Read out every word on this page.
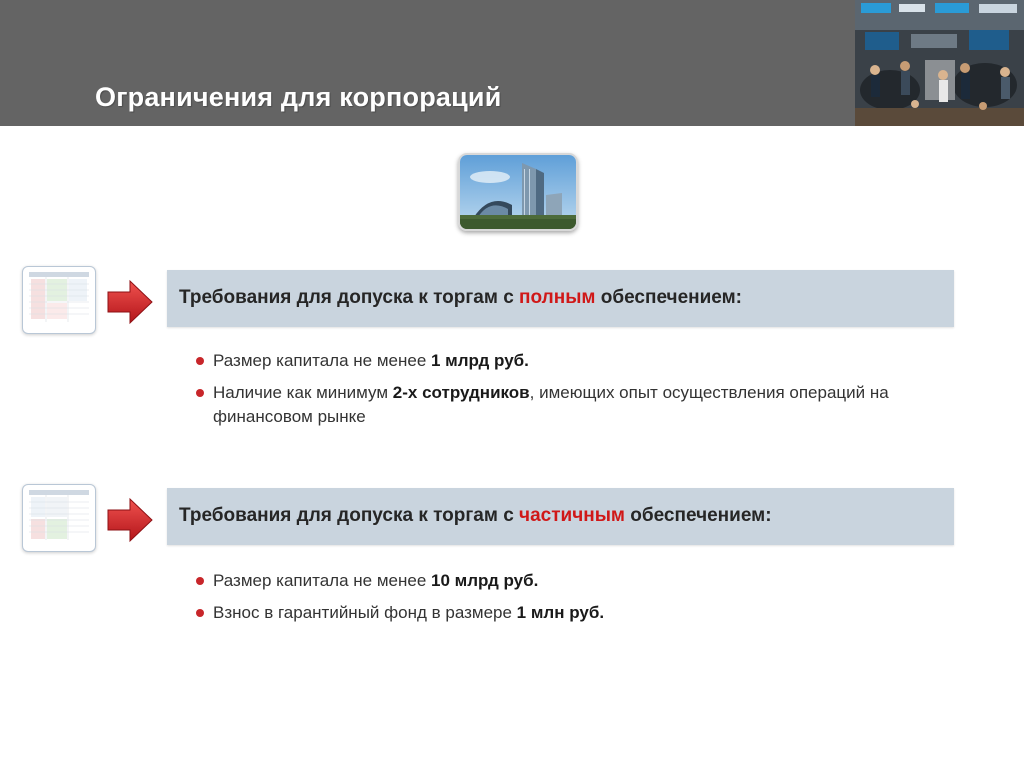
Ограничения для корпораций
Требования для допуска к торгам с полным обеспечением:
Размер капитала не менее 1 млрд руб.
Наличие как минимум 2-х сотрудников, имеющих опыт осуществления операций на финансовом рынке
Требования для допуска к торгам с частичным обеспечением:
Размер капитала не менее 10 млрд руб.
Взнос в гарантийный фонд в размере 1 млн руб.
